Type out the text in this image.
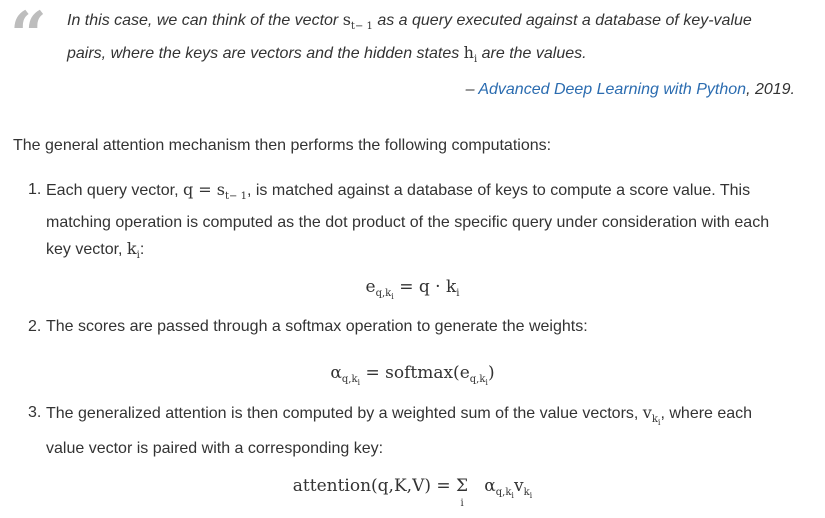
“ In this case, we can think of the vector $s_{t- 1}$ as a query executed against a database of key-value
pairs, where the keys are vectors and the hidden states $h_i$ are the values.
– Advanced Deep Learning with Python, 2019.
The general attention mechanism then performs the following computations:
1. Each query vector, $q = s_{t- 1}$, is matched against a database of keys to compute a score value. This
matching operation is computed as the dot product of the specific query under consideration with each
key vector, $k_i$:
$e_{q,k_i} = q \cdot k_i$
2. The scores are passed through a softmax operation to generate the weights:
$\alpha_{q,k_i}$ = $softmax(e_{q,k_i})$
3. The generalized attention is then computed by a weighted sum of the value vectors, $v_{k_i}$, where each
value vector is paired with a corresponding key:
attention(q,K,V) = Σ
i
$\alpha_{q,k_i}v_{k_i}$
